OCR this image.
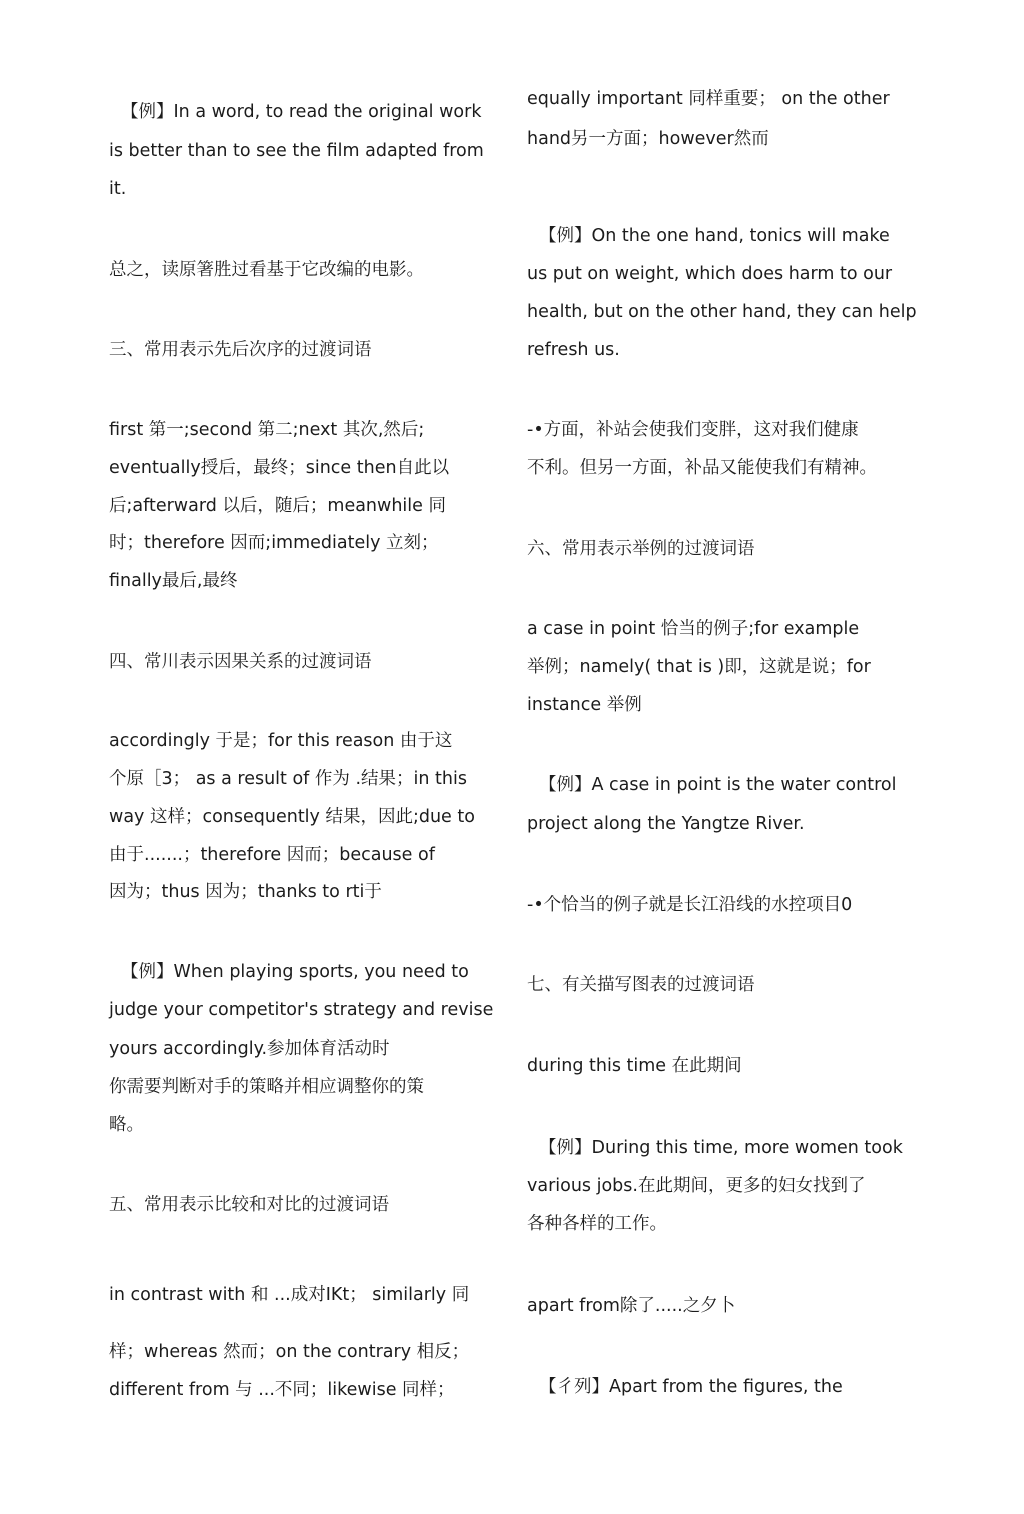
【例】In a word, to read the original work
is better than to see the film adapted from
it.
总之，读原箸胜过看基于它改编的电影。
三、常用表示先后次序的过渡词语
first 第一;second 第二;next 其次,然后;
eventually授后，最终；since then自此以
后;afterward 以后，随后；meanwhile 同
时；therefore 因而;immediately 立刻；
finally最后,最终
四、常川表示因果关系的过渡词语
accordingly 于是；for this reason 由于这
个原［3； as a result of 作为 .结果；in this
way 这样；consequently 结果，因此;due to
由于.......；therefore 因而；because of
因为；thus 因为；thanks to rti于
【例】When playing sports, you need to
judge your competitor's strategy and revise
yours accordingly.参加体育活动时
你需要判断对手的策略并相应调整你的策
略。
五、常用表示比较和对比的过渡词语
in contrast with 和 ...成对IKt； similarly 同
样；whereas 然而；on the contrary 相反；
different from 与 ...不同；likewise 同样；
equally important 同样重要； on the other
hand另一方面；however然而
【例】On the one hand, tonics will make
us put on weight, which does harm to our
health, but on the other hand, they can help
refresh us.
-•方面，补站会使我们变胖，这对我们健康
不利。但另一方面，补品又能使我们有精神。
六、常用表示举例的过渡词语
a case in point 恰当的例子;for example
举例；namely( that is )即，这就是说；for
instance 举例
【例】A case in point is the water control
project along the Yangtze River.
-•个恰当的例子就是长江沿线的水控项目0
七、有关描写图表的过渡词语
during this time 在此期间
【例】During this time, more women took
various jobs.在此期间，更多的妇女找到了
各种各样的工作。
apart from除了.....之夕卜
【彳列】Apart from the figures, the
